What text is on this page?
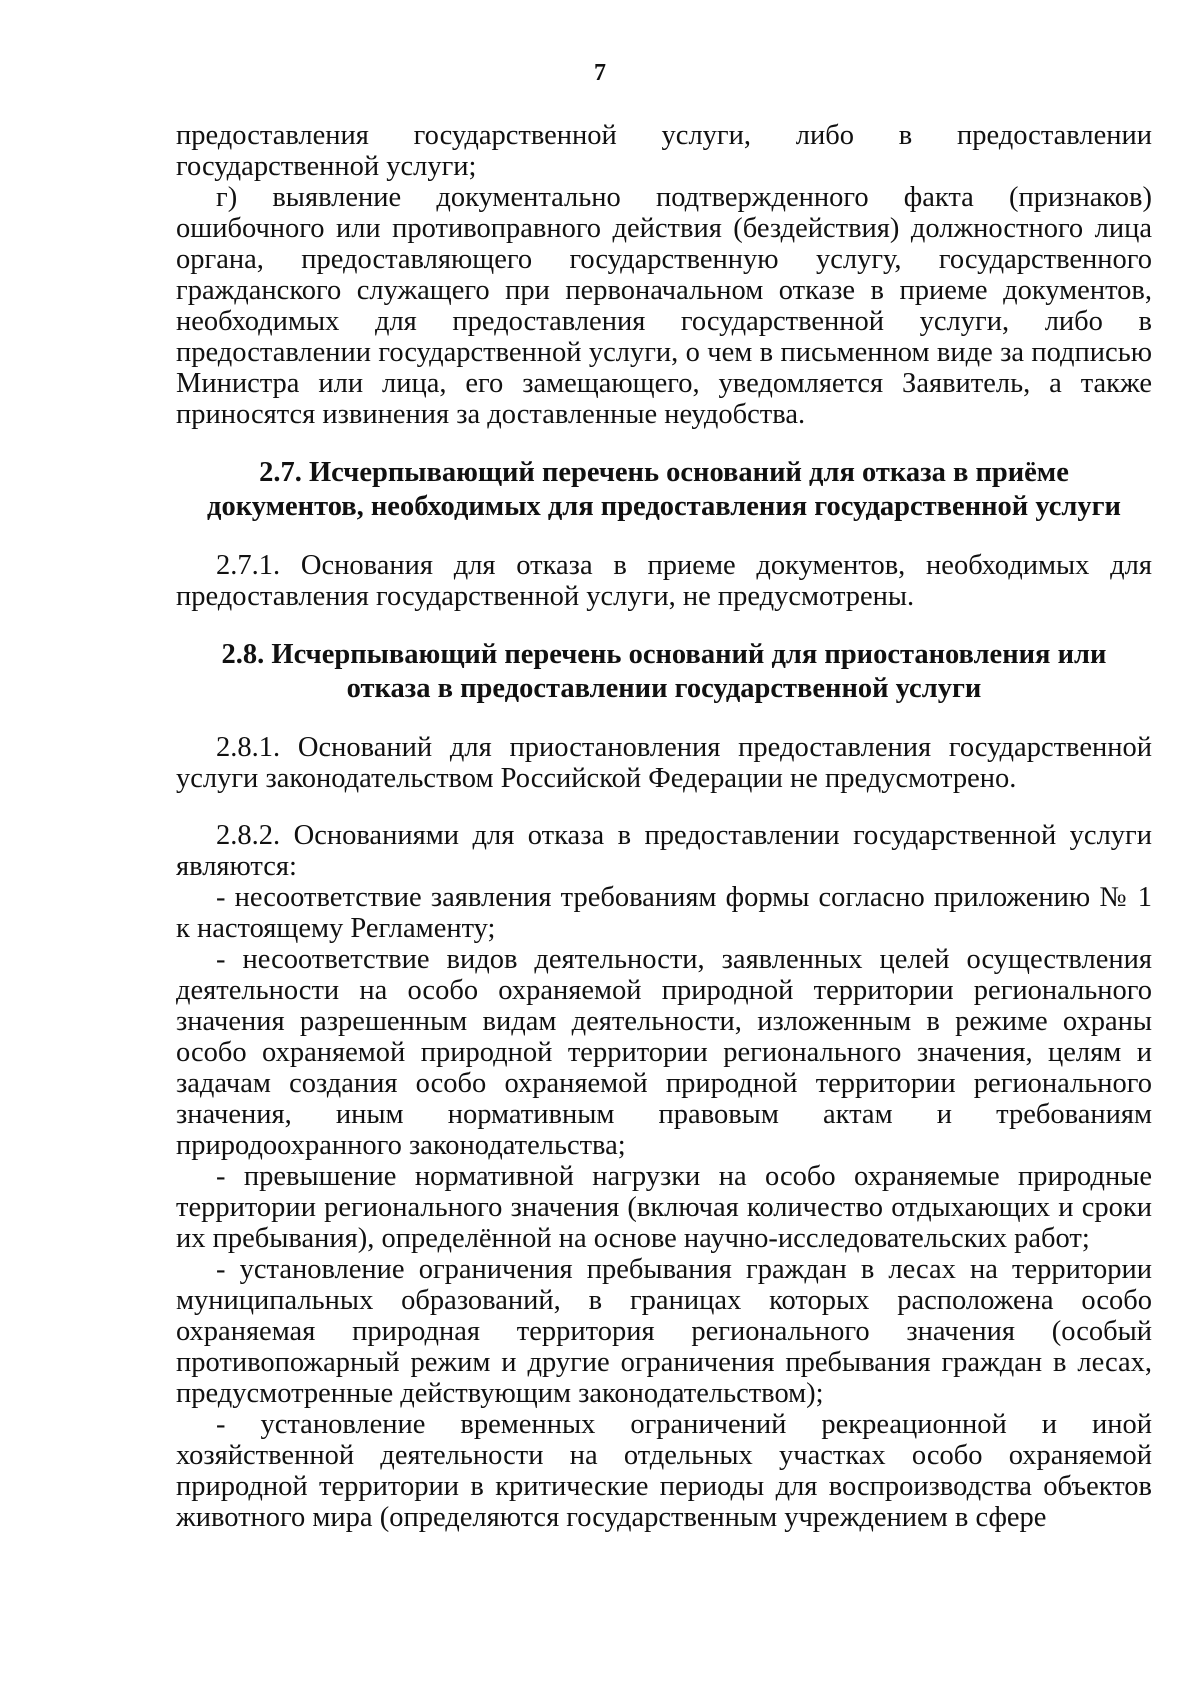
7

предоставления государственной услуги, либо в предоставлении государственной услуги;

г) выявление документально подтвержденного факта (признаков) ошибочного или противоправного действия (бездействия) должностного лица органа, предоставляющего государственную услугу, государственного гражданского служащего при первоначальном отказе в приеме документов, необходимых для предоставления государственной услуги, либо в предоставлении государственной услуги, о чем в письменном виде за подписью Министра или лица, его замещающего, уведомляется Заявитель, а также приносятся извинения за доставленные неудобства.

2.7. Исчерпывающий перечень оснований для отказа в приёме

документов, необходимых для предоставления государственной услуги

2.7.1. Основания для отказа в приеме документов, необходимых для предоставления государственной услуги, не предусмотрены.

2.8. Исчерпывающий перечень оснований для приостановления или

отказа в предоставлении государственной услуги

2.8.1. Оснований для приостановления предоставления государственной услуги законодательством Российской Федерации не предусмотрено.

2.8.2. Основаниями для отказа в предоставлении государственной услуги являются:

- несоответствие заявления требованиям формы согласно приложению № 1 к настоящему Регламенту;

- несоответствие видов деятельности, заявленных целей осуществления деятельности на особо охраняемой природной территории регионального значения разрешенным видам деятельности, изложенным в режиме охраны особо охраняемой природной территории регионального значения, целям и задачам создания особо охраняемой природной территории регионального значения, иным нормативным правовым актам и требованиям природоохранного законодательства;

- превышение нормативной нагрузки на особо охраняемые природные территории регионального значения (включая количество отдыхающих и сроки их пребывания), определённой на основе научно-исследовательских работ;

- установление ограничения пребывания граждан в лесах на территории муниципальных образований, в границах которых расположена особо охраняемая природная территория регионального значения (особый противопожарный режим и другие ограничения пребывания граждан в лесах, предусмотренные действующим законодательством);

- установление временных ограничений рекреационной и иной хозяйственной деятельности на отдельных участках особо охраняемой природной территории в критические периоды для воспроизводства объектов животного мира (определяются государственным учреждением в сфере
